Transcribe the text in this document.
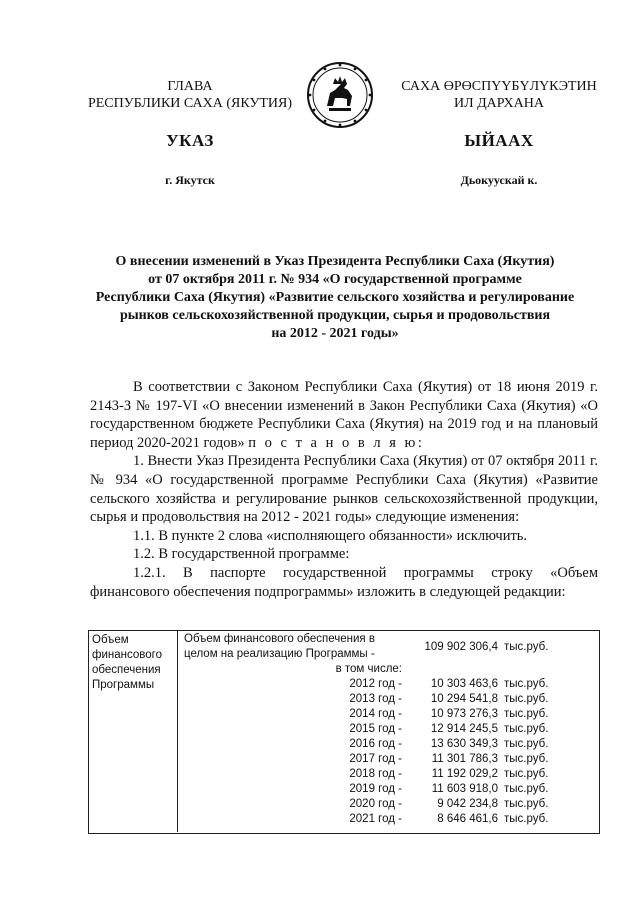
ГЛАВА
РЕСПУБЛИКИ САХА (ЯКУТИЯ)
САХА ӨРӨСПҮҮБҮЛҮКЭТИН
ИЛ ДАРХАНА
УКАЗ	ЫЙААХ
г. Якутск	Дьокуускай к.
О внесении изменений в Указ Президента Республики Саха (Якутия)
от 07 октября 2011 г. № 934 «О государственной программе
Республики Саха (Якутия) «Развитие сельского хозяйства и регулирование
рынков сельскохозяйственной продукции, сырья и продовольствия
на 2012 - 2021 годы»
В соответствии с Законом Республики Саха (Якутия) от 18 июня 2019 г. 2143-З № 197-VI «О внесении изменений в Закон Республики Саха (Якутия) «О государственном бюджете Республики Саха (Якутия) на 2019 год и на плановый период 2020-2021 годов» п о с т а н о в л я ю:
1. Внести Указ Президента Республики Саха (Якутия) от 07 октября 2011 г. № 934 «О государственной программе Республики Саха (Якутия) «Развитие сельского хозяйства и регулирование рынков сельскохозяйственной продукции, сырья и продовольствия на 2012 - 2021 годы» следующие изменения:
1.1. В пункте 2 слова «исполняющего обязанности» исключить.
1.2. В государственной программе:
1.2.1. В паспорте государственной программы строку «Объем финансового обеспечения подпрограммы» изложить в следующей редакции:
Объем финансового обеспечения Программы
Объем финансового обеспечения в
целом на реализацию Программы -
109 902 306,4 тыс.руб.
в том числе:
2012 год -	10 303 463,6 тыс.руб.
2013 год -	10 294 541,8 тыс.руб.
2014 год -	10 973 276,3 тыс.руб.
2015 год -	12 914 245,5 тыс.руб.
2016 год -	13 630 349,3 тыс.руб.
2017 год -	11 301 786,3 тыс.руб.
2018 год -	11 192 029,2 тыс.руб.
2019 год -	11 603 918,0 тыс.руб.
2020 год -	9 042 234,8 тыс.руб.
2021 год -	8 646 461,6 тыс.руб.
